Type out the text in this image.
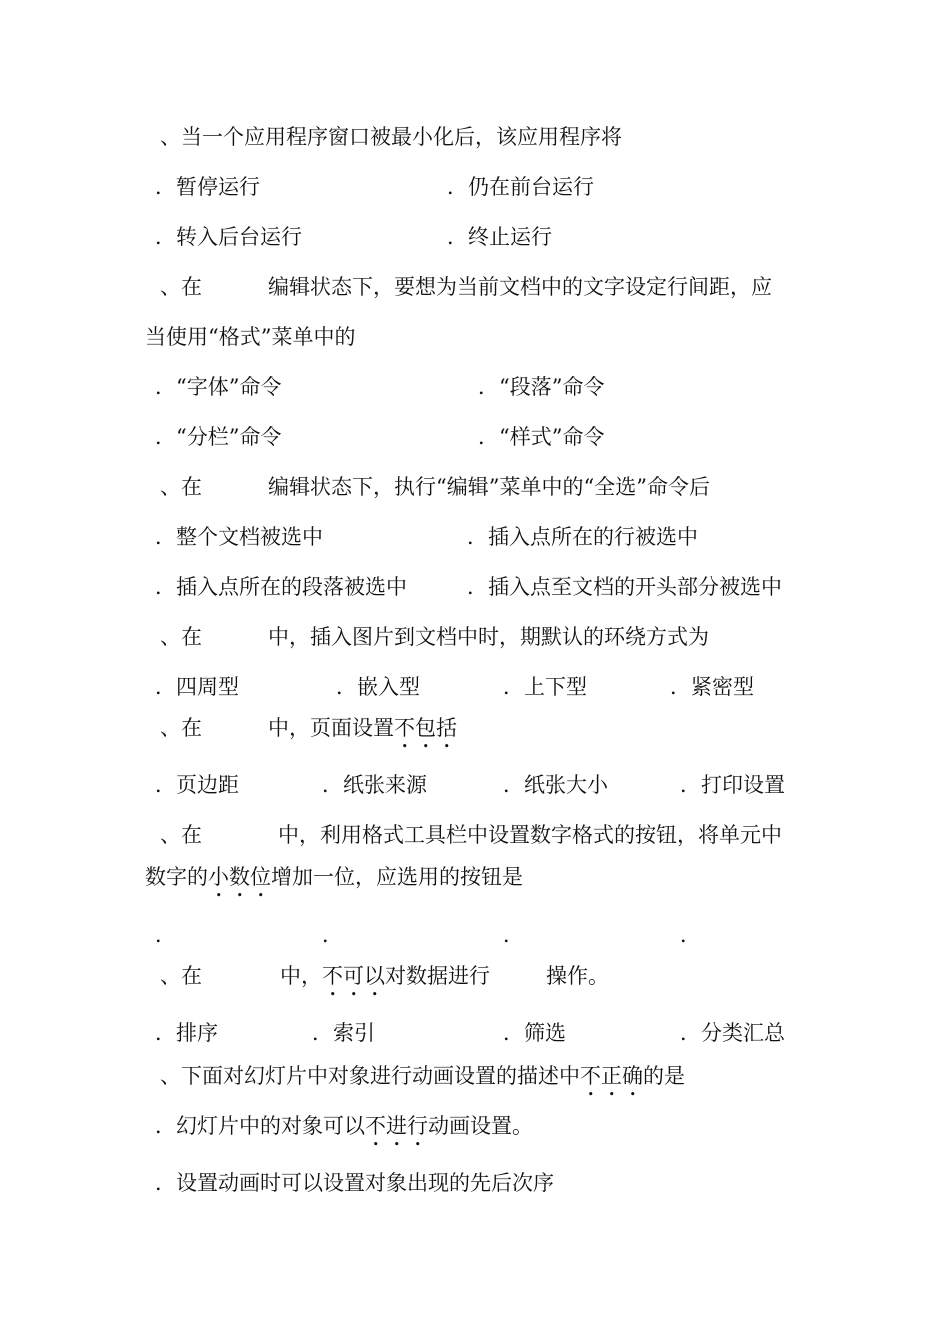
、当一个应用程序窗口被最小化后，该应用程序将
．暂停运行	．仍在前台运行
．转入后台运行	．终止运行
、在	编辑状态下，要想为当前文档中的文字设定行间距，应
当使用“格式”菜单中的
．“字体”命令	．“段落”命令
．“分栏”命令	．“样式”命令
、在	编辑状态下，执行“编辑”菜单中的“全选”命令后
．整个文档被选中	．插入点所在的行被选中
．插入点所在的段落被选中	．插入点至文档的开头部分被选中
、在	中，插入图片到文档中时，期默认的环绕方式为
．四周型	．嵌入型	．上下型	．紧密型
、在	中，页面设置不包括
．页边距	．纸张来源	．纸张大小	．打印设置
、在	中，利用格式工具栏中设置数字格式的按钮，将单元中
数字的小数位增加一位，应选用的按钮是
．	．	．	．
、在	中，不可以对数据进行	操作。
．排序	．索引	．筛选	．分类汇总
、下面对幻灯片中对象进行动画设置的描述中不正确的是
．幻灯片中的对象可以不进行动画设置。
．设置动画时可以设置对象出现的先后次序
